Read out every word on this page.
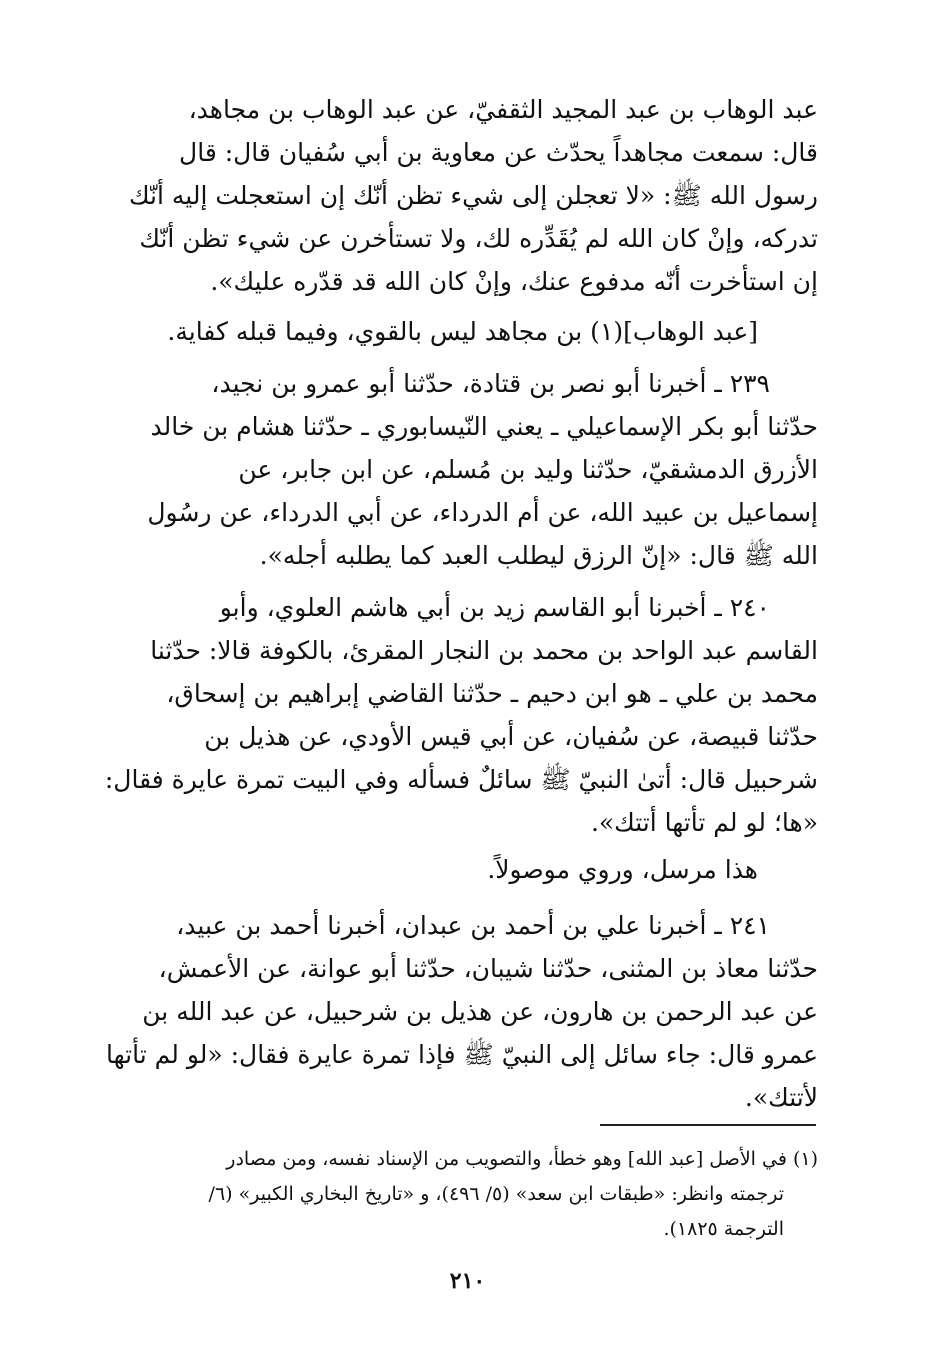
عبد الوهاب بن عبد المجيد الثقفيّ، عن عبد الوهاب بن مجاهد،
قال: سمعت مجاهداً يحدّث عن معاوية بن أبي سُفيان قال: قال
رسول الله ﷺ: «لا تعجلن إلى شيء تظن أنّك إن استعجلت إليه أنّك
تدركه، وإنْ كان الله لم يُقَدِّره لك، ولا تستأخرن عن شيء تظن أنّك
إن استأخرت أنّه مدفوع عنك، وإنْ كان الله قد قدّره عليك».
[عبد الوهاب](١) بن مجاهد ليس بالقوي، وفيما قبله كفاية.
٢٣٩ ـ أخبرنا أبو نصر بن قتادة، حدّثنا أبو عمرو بن نجيد،
حدّثنا أبو بكر الإسماعيلي ـ يعني النّيسابوري ـ حدّثنا هشام بن خالد
الأزرق الدمشقيّ، حدّثنا وليد بن مُسلم، عن ابن جابر، عن
إسماعيل بن عبيد الله، عن أم الدرداء، عن أبي الدرداء، عن رسُول
الله ﷺ قال: «إنّ الرزق ليطلب العبد كما يطلبه أجله».
٢٤٠ ـ أخبرنا أبو القاسم زيد بن أبي هاشم العلوي، وأبو
القاسم عبد الواحد بن محمد بن النجار المقرئ، بالكوفة قالا: حدّثنا
محمد بن علي ـ هو ابن دحيم ـ حدّثنا القاضي إبراهيم بن إسحاق،
حدّثنا قبيصة، عن سُفيان، عن أبي قيس الأودي، عن هذيل بن
شرحبيل قال: أتىٰ النبيّ ﷺ سائلٌ فسأله وفي البيت تمرة عايرة فقال:
«ها؛ لو لم تأتها أتتك».
هذا مرسل، وروي موصولاً.
٢٤١ ـ أخبرنا علي بن أحمد بن عبدان، أخبرنا أحمد بن عبيد،
حدّثنا معاذ بن المثنى، حدّثنا شيبان، حدّثنا أبو عوانة، عن الأعمش،
عن عبد الرحمن بن هارون، عن هذيل بن شرحبيل، عن عبد الله بن
عمرو قال: جاء سائل إلى النبيّ ﷺ فإذا تمرة عايرة فقال: «لو لم تأتها
لأتتك».
(١) في الأصل [عبد الله] وهو خطأ، والتصويب من الإسناد نفسه، ومن مصادر
ترجمته وانظر: «طبقات ابن سعد» (٥/ ٤٩٦)، و «تاريخ البخاري الكبير» (٦/
الترجمة ١٨٢٥).
٢١٠
